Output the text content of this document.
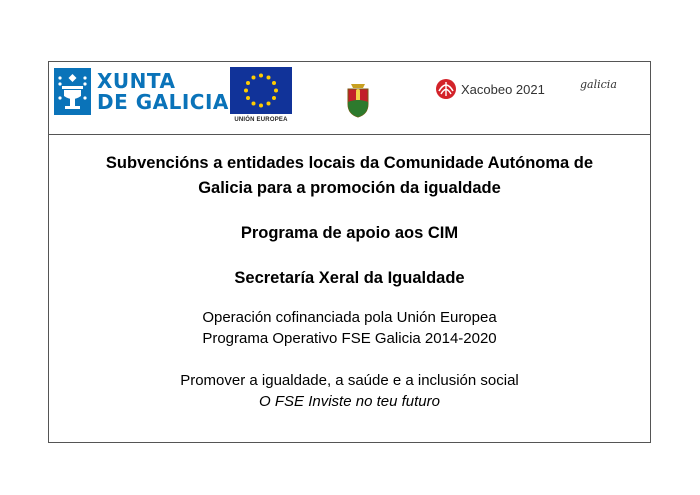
XUNTA
DE GALICIA
UNIÓN EUROPEA
Xacobeo 2021	galicia
Subvencións a entidades locais da Comunidade Autónoma de
Galicia para a promoción da igualdade
Programa de apoio aos CIM
Secretaría Xeral da Igualdade
Operación cofinanciada pola Unión Europea
Programa Operativo FSE Galicia 2014-2020
Promover a igualdade, a saúde e a inclusión social
O FSE Inviste no teu futuro
